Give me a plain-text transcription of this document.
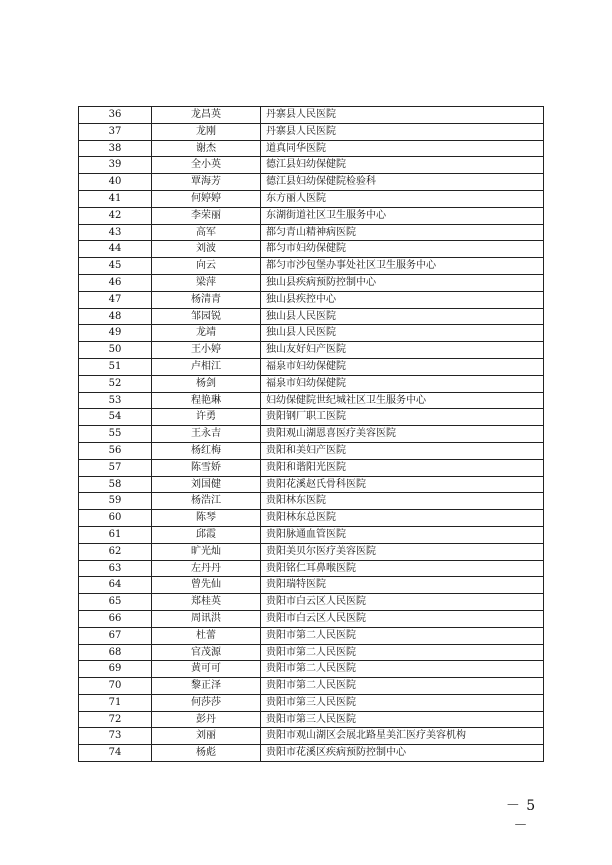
36	龙昌英	丹寨县人民医院
37	龙刚	丹寨县人民医院
38	谢杰	道真同华医院
39	全小英	德江县妇幼保健院
40	覃海芳	德江县妇幼保健院检验科
41	何婷婷	东方丽人医院
42	李荣丽	东湖街道社区卫生服务中心
43	高军	都匀青山精神病医院
44	刘波	都匀市妇幼保健院
45	向云	都匀市沙包堡办事处社区卫生服务中心
46	梁萍	独山县疾病预防控制中心
47	杨清青	独山县疾控中心
48	邹园锐	独山县人民医院
49	龙靖	独山县人民医院
50	王小婷	独山友好妇产医院
51	卢相江	福泉市妇幼保健院
52	杨剑	福泉市妇幼保健院
53	程艳琳	妇幼保健院世纪城社区卫生服务中心
54	许勇	贵阳钢厂职工医院
55	王永吉	贵阳观山湖恩喜医疗美容医院
56	杨红梅	贵阳和美妇产医院
57	陈雪娇	贵阳和谐阳光医院
58	刘国健	贵阳花溪赵氏骨科医院
59	杨浩江	贵阳林东医院
60	陈琴	贵阳林东总医院
61	邱霞	贵阳脉通血管医院
62	旷光灿	贵阳美贝尔医疗美容医院
63	左丹丹	贵阳铭仁耳鼻喉医院
64	曾先仙	贵阳瑞特医院
65	郑桂英	贵阳市白云区人民医院
66	周讯洪	贵阳市白云区人民医院
67	杜蕾	贵阳市第二人民医院
68	官茂源	贵阳市第二人民医院
69	黄可可	贵阳市第二人民医院
70	黎正泽	贵阳市第二人民医院
71	何莎莎	贵阳市第三人民医院
72	彭丹	贵阳市第三人民医院
73	刘丽	贵阳市观山湖区会展北路星美汇医疗美容机构
74	杨彪	贵阳市花溪区疾病预防控制中心
－ 5 －
